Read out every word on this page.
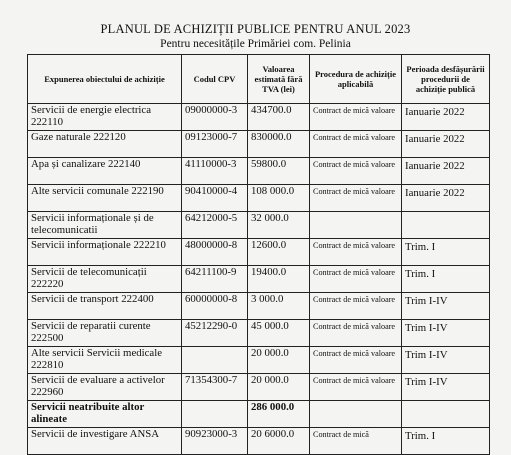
PLANUL DE ACHIZIȚII PUBLICE PENTRU ANUL 2023
Pentru necesitățile Primăriei com. Pelinia
Expunerea obiectului de achiziție	Codul CPV	Valoarea estimată fără TVA (lei)	Procedura de achiziție aplicabilă	Perioada desfășurării procedurii de achiziție publică
Servicii de energie electrica 222110	09000000-3	434700.0	Contract de mică valoare	Ianuarie 2022
Gaze naturale 222120	09123000-7	830000.0	Contract de mică valoare	Ianuarie 2022
Apa și canalizare 222140	41110000-3	59800.0	Contract de mică valoare	Ianuarie 2022
Alte servicii comunale 222190	90410000-4	108 000.0	Contract de mică valoare	Ianuarie 2022
Servicii informaționale și de telecomunicatii	64212000-5	32 000.0		
Servicii informaționale 222210	48000000-8	12600.0	Contract de mică valoare	Trim. I
Servicii de telecomunicații 222220	64211100-9	19400.0	Contract de mică valoare	Trim. I
Servicii de transport 222400	60000000-8	3 000.0	Contract de mică valoare	Trim I-IV
Servicii de reparatii curente 222500	45212290-0	45 000.0	Contract de mică valoare	Trim I-IV
Alte servicii Servicii medicale 222810		20 000.0	Contract de mică valoare	Trim I-IV
Servicii de evaluare a activelor 222960	71354300-7	20 000.0	Contract de mică valoare	Trim I-IV
Servicii neatribuite altor alineate		286 000.0		
Servicii de investigare ANSA	90923000-3	20 6000.0	Contract de mică	Trim. I
